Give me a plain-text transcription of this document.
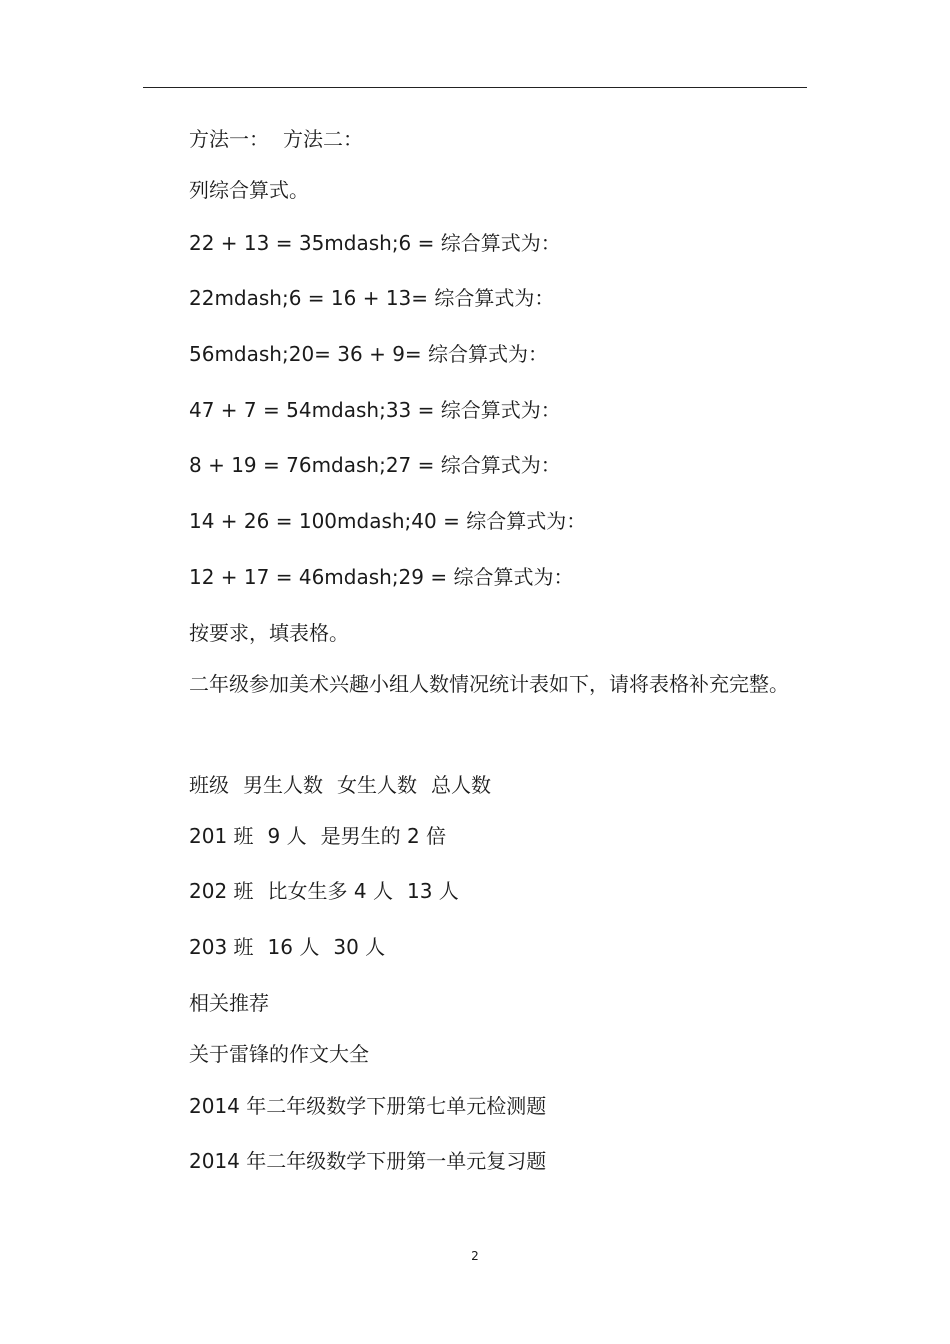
方法一： 方法二：
列综合算式。
22 + 13 = 35mdash;6 = 综合算式为：
22mdash;6 = 16 + 13= 综合算式为：
56mdash;20= 36 + 9= 综合算式为：
47 + 7 = 54mdash;33 = 综合算式为：
8 + 19 = 76mdash;27 = 综合算式为：
14 + 26 = 100mdash;40 = 综合算式为：
12 + 17 = 46mdash;29 = 综合算式为：
按要求，填表格。
二年级参加美术兴趣小组人数情况统计表如下，请将表格补充完整。
班级 男生人数 女生人数 总人数
201 班 9 人 是男生的 2 倍
202 班 比女生多 4 人 13 人
203 班 16 人 30 人
相关推荐
关于雷锋的作文大全
2014 年二年级数学下册第七单元检测题
2014 年二年级数学下册第一单元复习题
2
